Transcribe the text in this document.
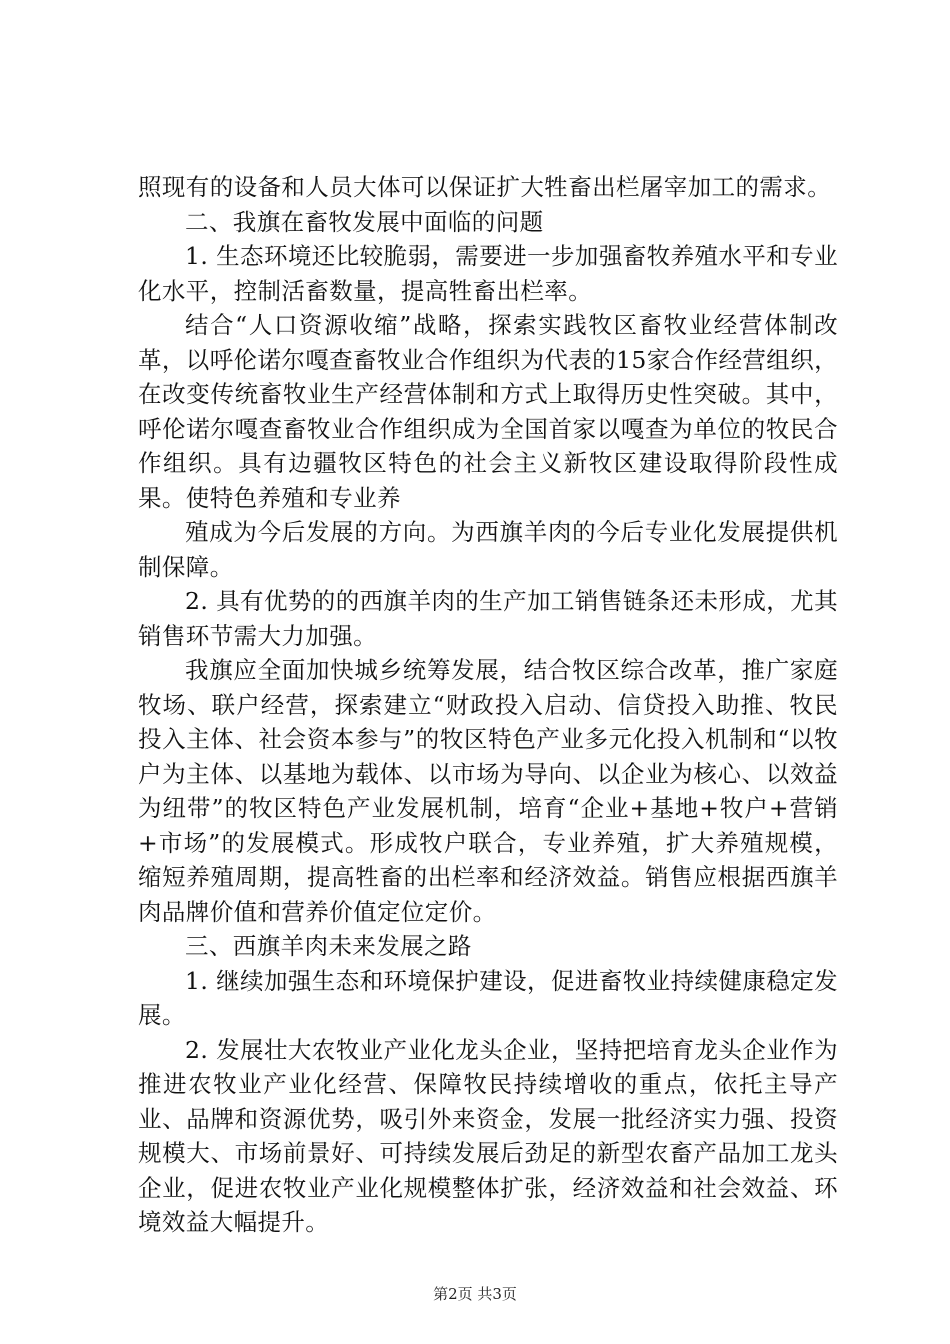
照现有的设备和人员大体可以保证扩大牲畜出栏屠宰加工的需求。

二、我旗在畜牧发展中面临的问题

1. 生态环境还比较脆弱，需要进一步加强畜牧养殖水平和专业化水平，控制活畜数量，提高牲畜出栏率。

结合“人口资源收缩”战略，探索实践牧区畜牧业经营体制改革，以呼伦诺尔嘎查畜牧业合作组织为代表的15家合作经营组织，在改变传统畜牧业生产经营体制和方式上取得历史性突破。其中，呼伦诺尔嘎查畜牧业合作组织成为全国首家以嘎查为单位的牧民合作组织。具有边疆牧区特色的社会主义新牧区建设取得阶段性成果。使特色养殖和专业养

殖成为今后发展的方向。为西旗羊肉的今后专业化发展提供机制保障。

2. 具有优势的的西旗羊肉的生产加工销售链条还未形成，尤其销售环节需大力加强。

我旗应全面加快城乡统筹发展，结合牧区综合改革，推广家庭牧场、联户经营，探索建立“财政投入启动、信贷投入助推、牧民投入主体、社会资本参与”的牧区特色产业多元化投入机制和“以牧户为主体、以基地为载体、以市场为导向、以企业为核心、以效益为纽带”的牧区特色产业发展机制，培育“企业+基地+牧户+营销+市场”的发展模式。形成牧户联合，专业养殖，扩大养殖规模，缩短养殖周期，提高牲畜的出栏率和经济效益。销售应根据西旗羊肉品牌价值和营养价值定位定价。

三、西旗羊肉未来发展之路

1. 继续加强生态和环境保护建设，促进畜牧业持续健康稳定发展。

2. 发展壮大农牧业产业化龙头企业，坚持把培育龙头企业作为推进农牧业产业化经营、保障牧民持续增收的重点，依托主导产业、品牌和资源优势，吸引外来资金，发展一批经济实力强、投资规模大、市场前景好、可持续发展后劲足的新型农畜产品加工龙头企业，促进农牧业产业化规模整体扩张，经济效益和社会效益、环境效益大幅提升。

第2页 共3页
